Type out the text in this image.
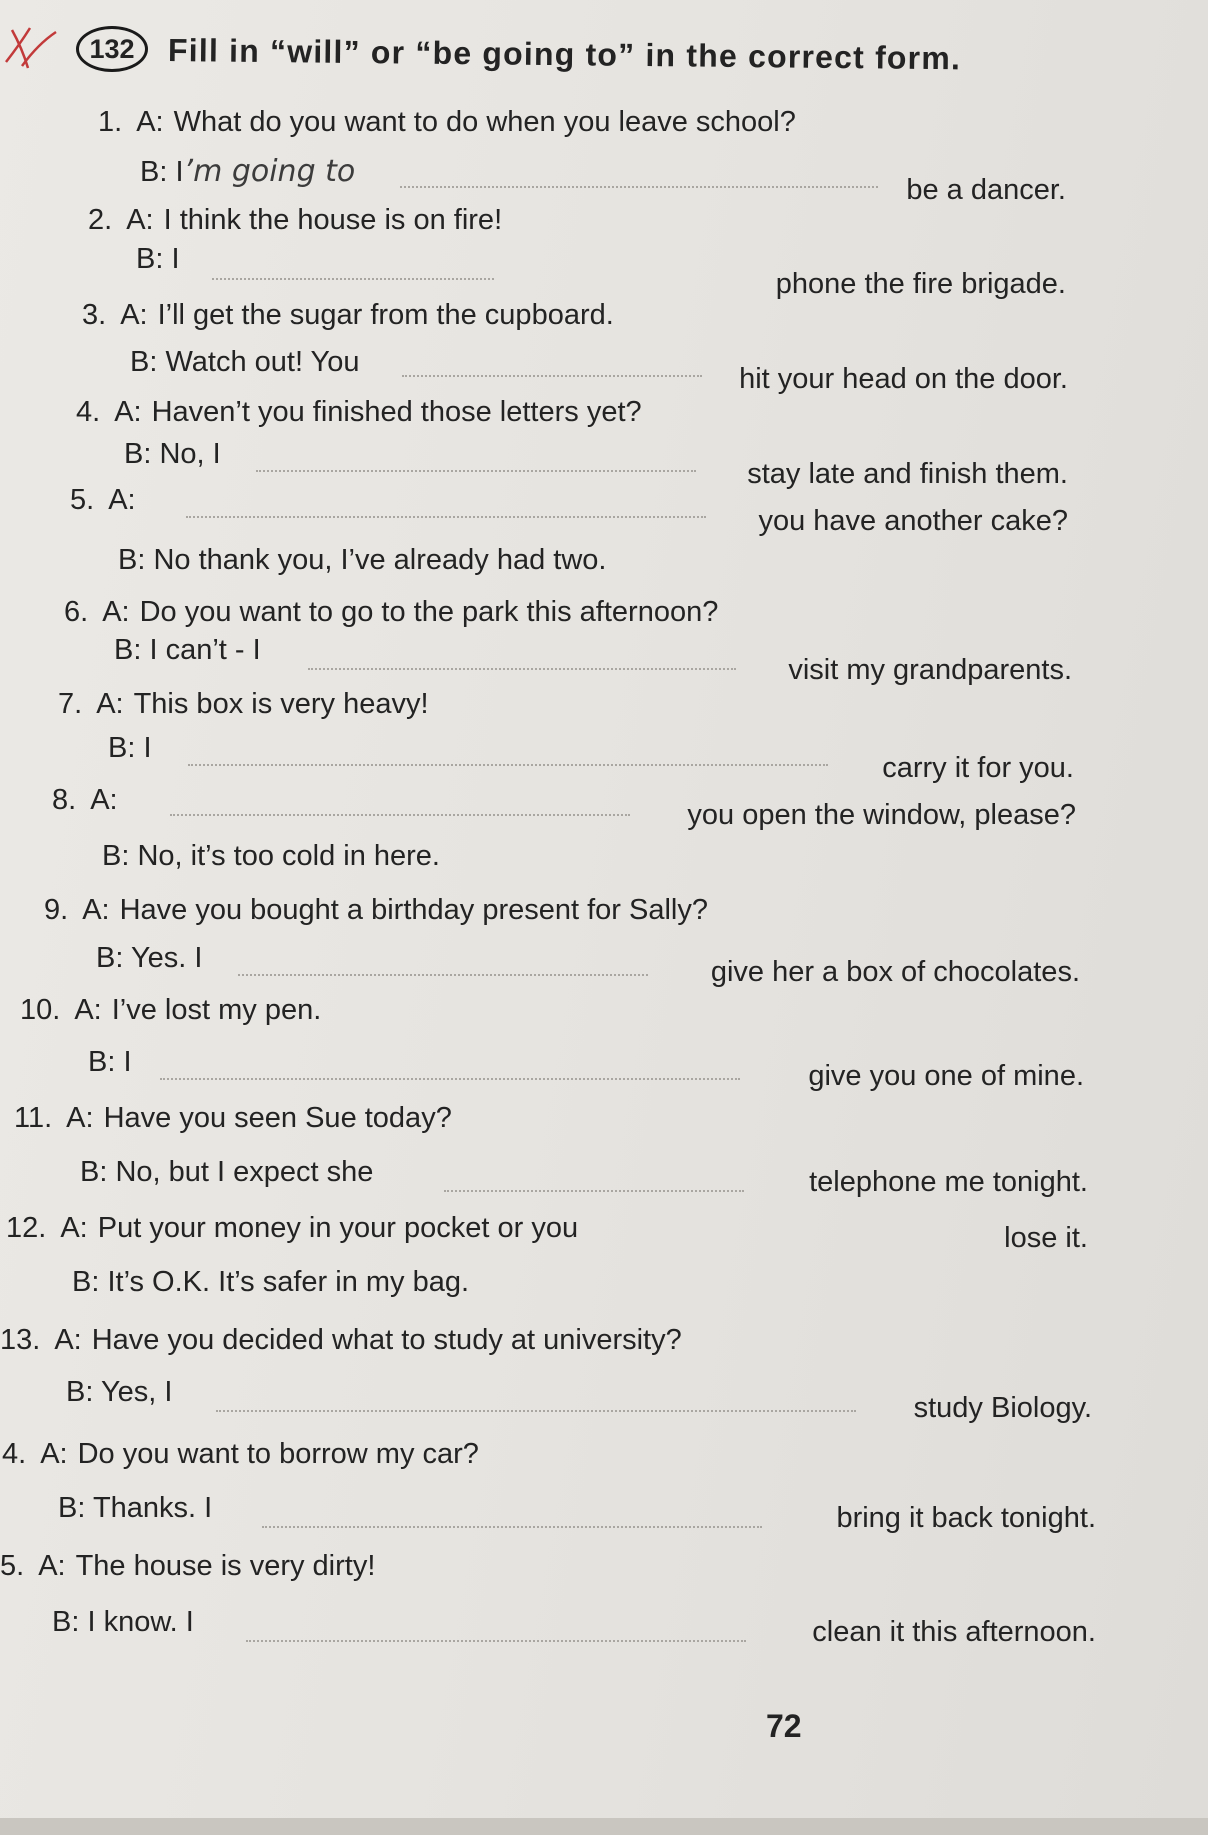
132	Fill in “will” or “be going to” in the correct form.
1. A: What do you want to do when you leave school?
B: I’m going to
be a dancer.
2. A: I think the house is on fire!
B: I
phone the fire brigade.
3. A: I’ll get the sugar from the cupboard.
B: Watch out! You
hit your head on the door.
4. A: Haven’t you finished those letters yet?
B: No, I
stay late and finish them.
5. A:
you have another cake?
B: No thank you, I’ve already had two.
6. A: Do you want to go to the park this afternoon?
B: I can’t - I
visit my grandparents.
7. A: This box is very heavy!
B: I
carry it for you.
8. A:	you open the window, please?
B: No, it’s too cold in here.
9. A: Have you bought a birthday present for Sally?
B: Yes. I	give her a box of chocolates.
10. A: I’ve lost my pen.
B: I	give you one of mine.
11. A: Have you seen Sue today?
B: No, but I expect she	telephone me tonight.
12. A: Put your money in your pocket or you	lose it.
B: It’s O.K. It’s safer in my bag.
13. A: Have you decided what to study at university?
B: Yes, I	study Biology.
4. A: Do you want to borrow my car?
B: Thanks. I	bring it back tonight.
5. A: The house is very dirty!
B: I know. I	clean it this afternoon.
72
